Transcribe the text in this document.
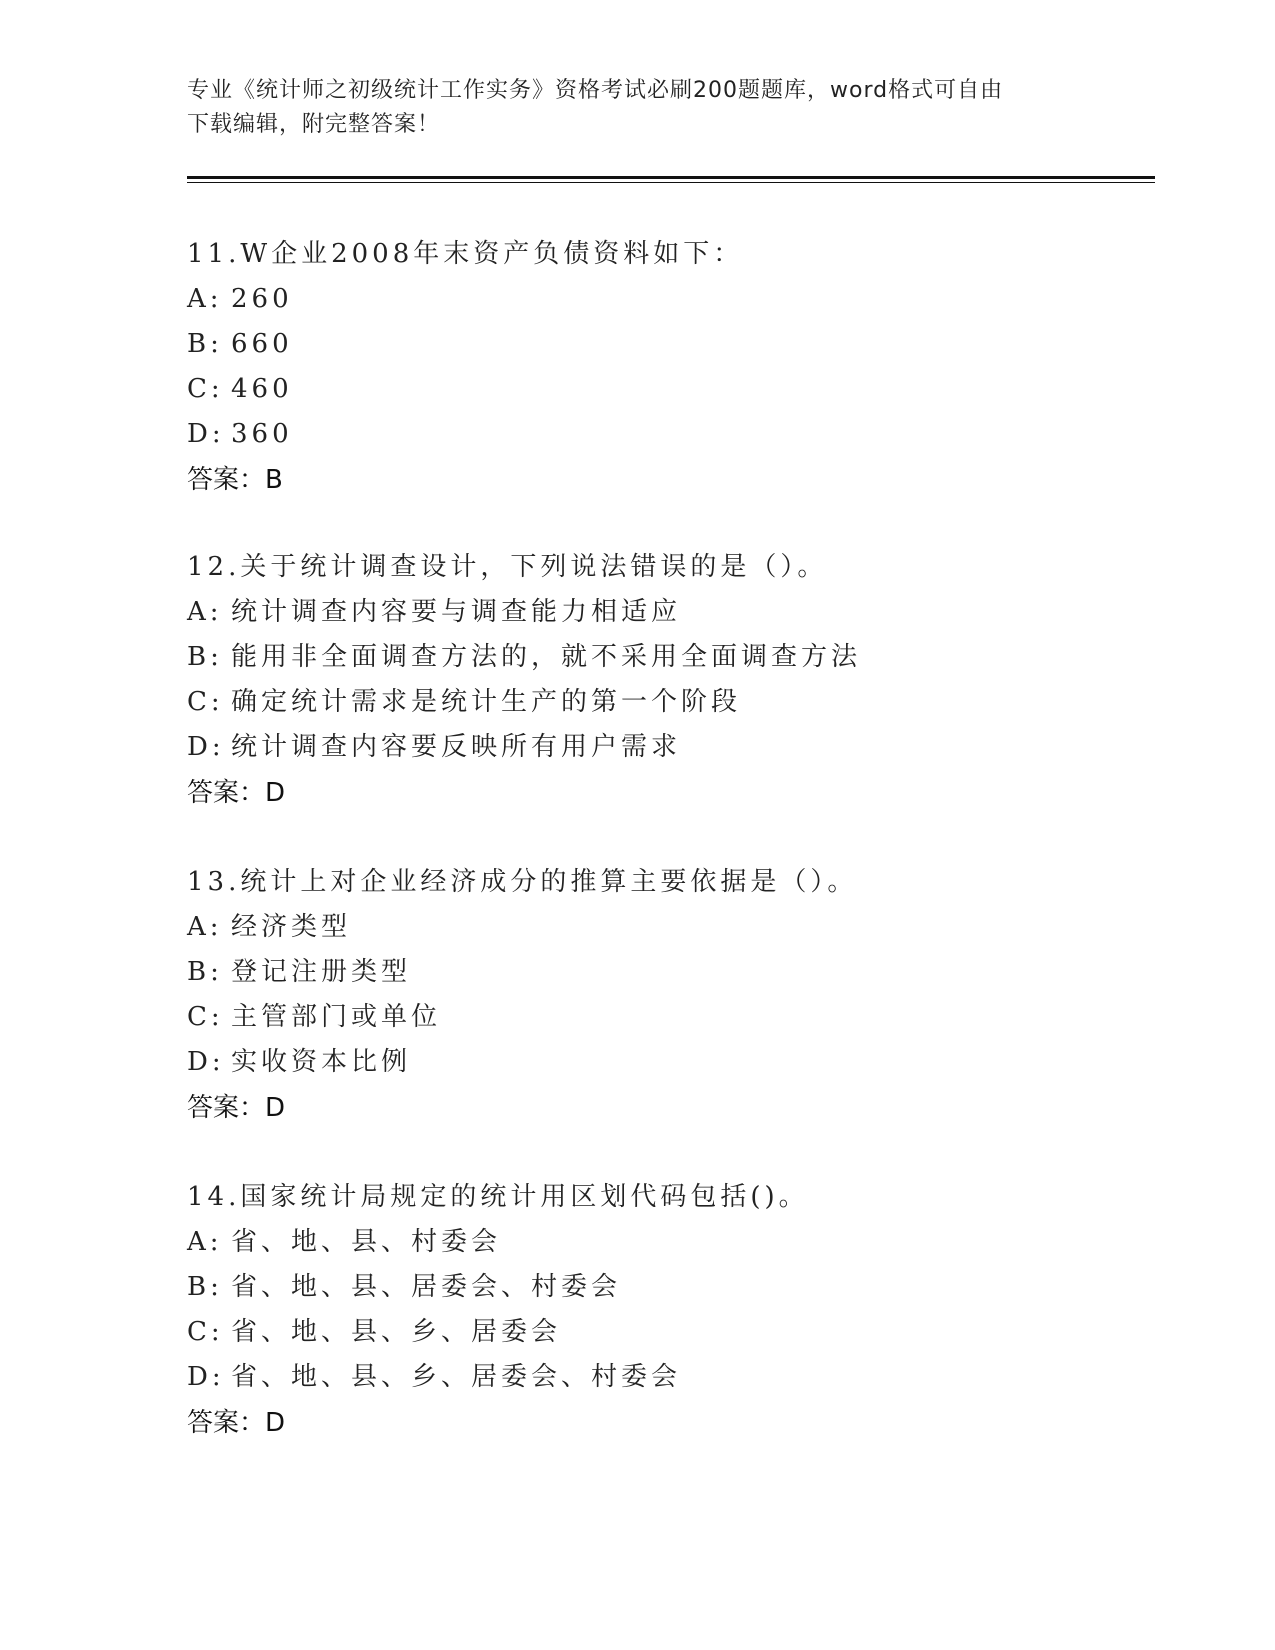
专业《统计师之初级统计工作实务》资格考试必刷200题题库，word格式可自由
下载编辑，附完整答案！
11.W企业2008年末资产负债资料如下：
A: 260
B: 660
C: 460
D: 360
答案：B
12.关于统计调查设计，下列说法错误的是（）。
A: 统计调查内容要与调查能力相适应
B: 能用非全面调查方法的，就不采用全面调查方法
C: 确定统计需求是统计生产的第一个阶段
D: 统计调查内容要反映所有用户需求
答案：D
13.统计上对企业经济成分的推算主要依据是（）。
A: 经济类型
B: 登记注册类型
C: 主管部门或单位
D: 实收资本比例
答案：D
14.国家统计局规定的统计用区划代码包括()。
A: 省、地、县、村委会
B: 省、地、县、居委会、村委会
C: 省、地、县、乡、居委会
D: 省、地、县、乡、居委会、村委会
答案：D
